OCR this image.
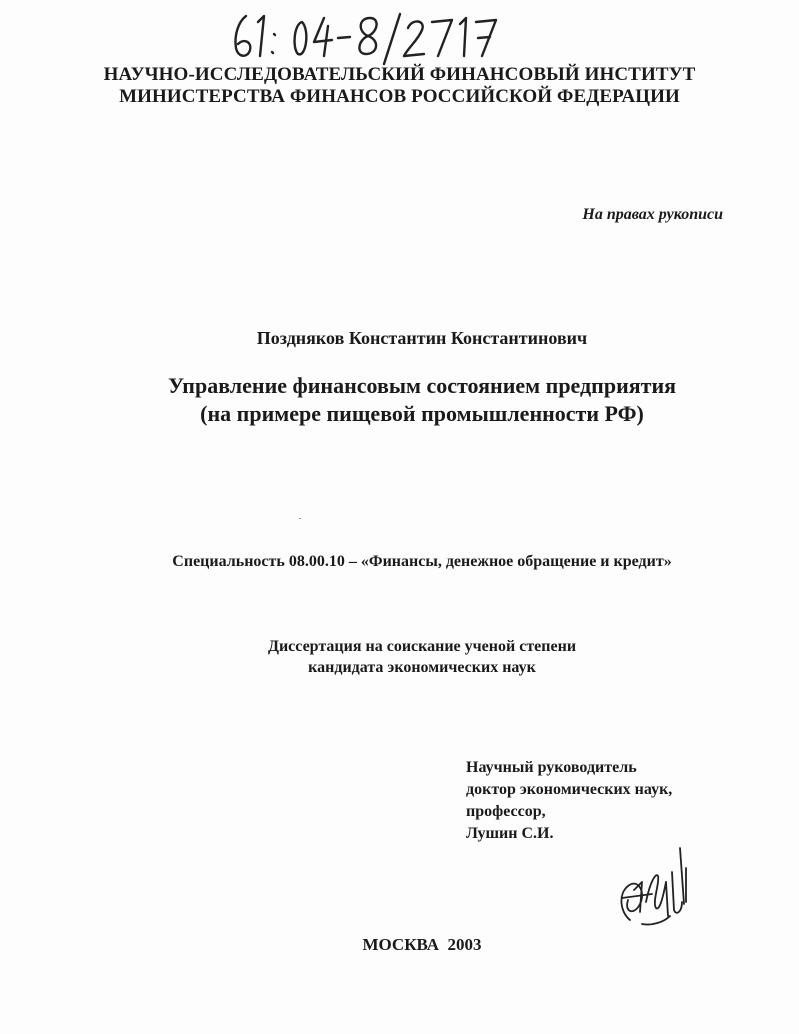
НАУЧНО-ИССЛЕДОВАТЕЛЬСКИЙ ФИНАНСОВЫЙ ИНСТИТУТ
МИНИСТЕРСТВА ФИНАНСОВ РОССИЙСКОЙ ФЕДЕРАЦИИ
На правах рукописи
Поздняков Константин Константинович
Управление финансовым состоянием предприятия
(на примере пищевой промышленности РФ)
Специальность 08.00.10 – «Финансы, денежное обращение и кредит»
Диссертация на соискание ученой степени
кандидата экономических наук
Научный руководитель
доктор экономических наук,
профессор,
Лушин С.И.
МОСКВА  2003
